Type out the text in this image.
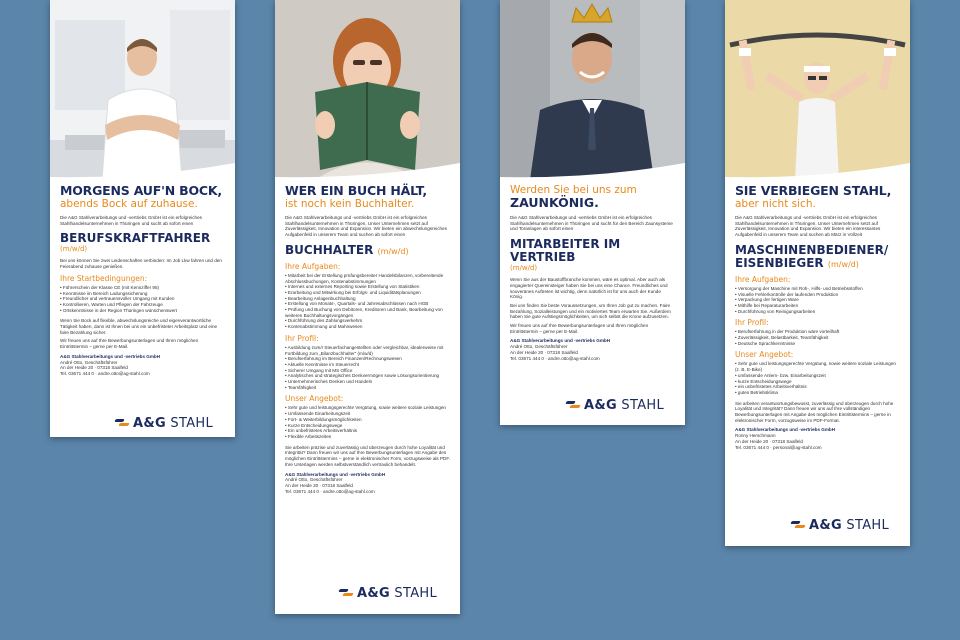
MORGENS AUF'N BOCK,
abends Bock auf zuhause.
Die A&G Stahlverarbeitungs und -vertriebs GmbH ist ein erfolgreiches Stahlhandelsunternehmen in Thüringen und sucht ab sofort einen
BERUFSKRAFTFAHRER
(m/w/d)
Bei uns können Sie zwei Leidenschaften verbinden: Im Job Lkw fahren und den Feierabend zuhause genießen.
Ihre Startbedingungen:
• Führerschein der Klasse CE (mit Kennziffer 95)
• Kenntnisse im Bereich Ladungssicherung
• Freundlicher und vertrauensvoller Umgang mit Kunden
• Kontrollieren, Warten und Pflegen der Fahrzeuge
• Ortskenntnisse in der Region Thüringen wünschenswert
Wenn Sie Bock auf flexible, abwechslungsreiche und eigenverantwortliche Tätigkeit haben, dann ist Ihnen bei uns ein unbefristeter Arbeitsplatz und eine faire Bezahlung sicher.
Wir freuen uns auf Ihre Bewerbungsunterlagen und Ihren möglichen Eintrittstermin – gerne per E-Mail.
A&G Stahlverarbeitungs und -vertriebs GmbH
André Otto, Geschäftsführer
An der Heide 20 · 07318 Saalfeld
Tel. 03671 444 0 · andre.otto@ag-stahl.com
A&G STAHL
WER EIN BUCH HÄLT,
ist noch kein Buchhalter.
Die A&G Stahlverarbeitungs und -vertriebs GmbH ist ein erfolgreiches Stahlhandelsunternehmen in Thüringen. Unser Unternehmen setzt auf Zuverlässigkeit, Innovation und Expansion. Wir bieten ein abwechslungsreiches Aufgabenfeld in unserem Team und suchen ab sofort einen
BUCHHALTER (m/w/d)
Ihre Aufgaben:
• Mitarbeit bei der Erstellung prüfungsbereiter Handelsbilanzen, vorbereitende Abschlussbuchungen, Kontenabstimmungen
• Internes und externes Reporting sowie Erstellung von Statistiken
• Erarbeitung und Mitwirkung bei Erfolgs- und Liquiditätsplanungen
• Bearbeitung Anlagenbuchhaltung
• Erstellung von Monats-, Quartals- und Jahresabschlüssen nach HGB
• Prüfung und Buchung von Debitoren, Kreditoren und Bank, Bearbeitung von weiteren Buchhaltungsvorgängen
• Durchführung des Zahlungsverkehrs
• Kontenabstimmung und Mahnwesen
Ihr Profil:
• Ausbildung zum/r Steuerfachangestellten oder vergleichbar, idealerweise mit Fortbildung zum „Bilanzbuchhalter“ (m/w/d)
• Berufserfahrung im Bereich Finanzen/Rechnungswesen
• Aktuelle Kenntnisse im Steuerrecht
• Sicherer Umgang mit MS Office
• Analytisches und strategisches Denkvermögen sowie Lösungsorientierung
• Unternehmerisches Denken und Handeln
• Teamfähigkeit
Unser Angebot:
• Sehr gute und leistungsgerechte Vergütung, sowie weitere soziale Leistungen
• Umfassende Einarbeitungszeit
• Fort- & Weiterbildungsmöglichkeiten
• Kurze Entscheidungswege
• Ein unbefristetes Arbeitsverhältnis
• Flexible Arbeitszeiten
Sie arbeiten präzise und zuverlässig und überzeugen durch hohe Loyalität und Integrität? Dann freuen wir uns auf Ihre Bewerbungsunterlagen mit Angabe des möglichen Eintrittstermins – gerne in elektronischer Form, vorzugsweise als PDF. Ihre Unterlagen werden selbstverständlich vertraulich behandelt.
A&G Stahlverarbeitungs und -vertriebs GmbH
André Otto, Geschäftsführer
An der Heide 20 · 07318 Saalfeld
Tel. 03671 444 0 · andre.otto@ag-stahl.com
A&G STAHL
Werden Sie bei uns zum
ZAUNKÖNIG.
Die A&G Stahlverarbeitungs und -vertriebs GmbH ist ein erfolgreiches Stahlhandelsunternehmen in Thüringen und sucht für den Bereich Zaunsysteme und Toranlagen ab sofort einen
MITARBEITER IM VERTRIEB
(m/w/d)
Wenn Sie aus der Baustoffbranche kommen, wäre es optimal. Aber auch als engagierter Quereinsteiger haben Sie bei uns eine Chance. Freundliches und souveränes Auftreten ist wichtig, denn natürlich ist für uns auch der Kunde König.
Bei uns finden Sie beste Voraussetzungen, um Ihren Job gut zu machen. Faire Bezahlung, Sozialleistungen und ein motiviertes Team erwarten Sie. Außerdem haben Sie gute Aufstiegsmöglichkeiten, um sich selbst die Krone aufzusetzen.
Wir freuen uns auf Ihre Bewerbungsunterlagen und Ihren möglichen Eintrittstermin – gerne per E-Mail.
A&G Stahlverarbeitungs und -vertriebs GmbH
André Otto, Geschäftsführer
An der Heide 20 · 07318 Saalfeld
Tel. 03671 444 0 · andre.otto@ag-stahl.com
A&G STAHL
SIE VERBIEGEN STAHL,
aber nicht sich.
Die A&G Stahlverarbeitungs und -vertriebs GmbH ist ein erfolgreiches Stahlhandelsunternehmen in Thüringen. Unser Unternehmen setzt auf Zuverlässigkeit, Innovation und Expansion. Wir bieten ein interessantes Aufgabenfeld in unserem Team und suchen ab März in Vollzeit
MASCHINENBEDIENER/ EISENBIEGER (m/w/d)
Ihre Aufgaben:
• Versorgung der Maschine mit Roh-, Hilfs- und Betriebsstoffen
• Visuelle Fehlerkontrolle der laufenden Produktion
• Verpackung der fertigen Ware
• Mithilfe bei Reparaturarbeiten
• Durchführung von Reinigungsarbeiten
Ihr Profil:
• Berufserfahrung in der Produktion wäre vorteilhaft
• Zuverlässigkeit, Belastbarkeit, Teamfähigkeit
• Deutsche Sprachkenntnisse
Unser Angebot:
• Sehr gute und leistungsgerechte Vergütung, sowie weitere soziale Leistungen (z. B. E-Bike)
• umfassende Anlern- bzw. Einarbeitungszeit
• kurze Entscheidungswege
• ein unbefristetes Arbeitsverhältnis
• gutes Betriebsklima
Sie arbeiten verantwortungsbewusst, zuverlässig und überzeugen durch hohe Loyalität und Integrität? Dann freuen wir uns auf Ihre vollständigen Bewerbungsunterlagen mit Angabe des möglichen Eintrittstermins – gerne in elektronischer Form, vorzugsweise im PDF-Format.
A&G Stahlverarbeitungs und -vertriebs GmbH
Ronny Herschmann
An der Heide 20 · 07318 Saalfeld
Tel. 03671 444 0 · personal@ag-stahl.com
A&G STAHL
